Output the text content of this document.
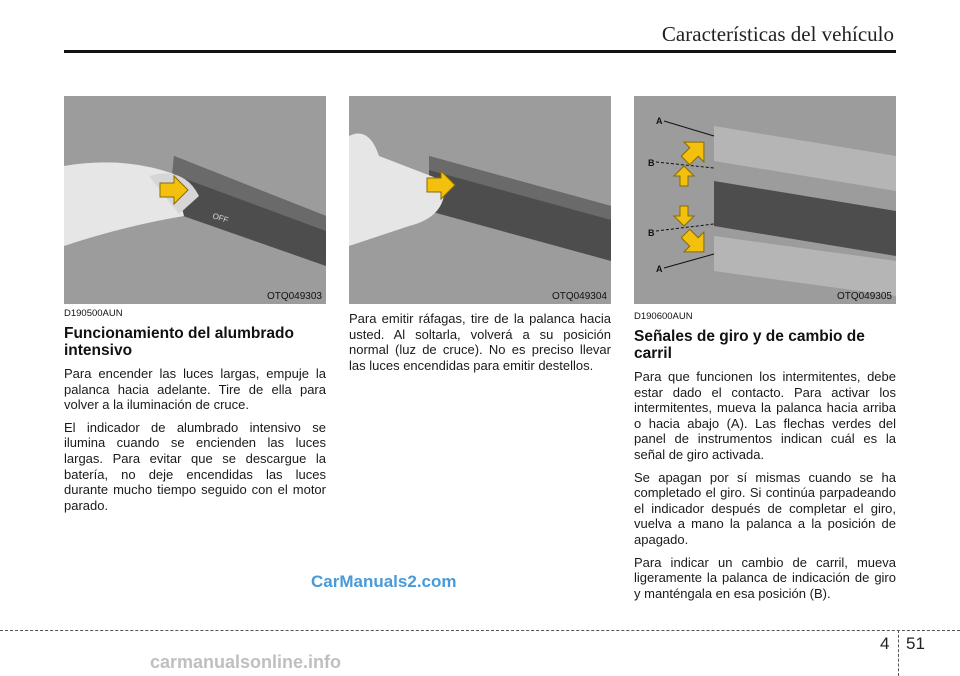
Características del vehículo
OFF
OTQ049303	OTQ049304
A
B
B
A
OTQ049305
D190500AUN
Funcionamiento del alumbrado intensivo

Para encender las luces largas, empuje la palanca hacia adelante. Tire de ella para volver a la iluminación de cruce.

El indicador de alumbrado intensivo se ilumina cuando se encienden las luces largas. Para evitar que se descargue la batería, no deje encendidas las luces durante mucho tiempo seguido con el motor parado.

Para emitir ráfagas, tire de la palanca hacia usted. Al soltarla, volverá a su posición normal (luz de cruce). No es preciso llevar las luces encendidas para emitir destellos.

D190600AUN
Señales de giro y de cambio de carril

Para que funcionen los intermitentes, debe estar dado el contacto. Para activar los intermitentes, mueva la palanca hacia arriba o hacia abajo (A). Las flechas verdes del panel de instrumentos indican cuál es la señal de giro activada.

Se apagan por sí mismas cuando se ha completado el giro. Si continúa parpadeando el indicador después de completar el giro, vuelva a mano la palanca a la posición de apagado.

Para indicar un cambio de carril, mueva ligeramente la palanca de indicación de giro y manténgala en esa posición (B).

CarManuals2.com
4 51
carmanualsonline.info
